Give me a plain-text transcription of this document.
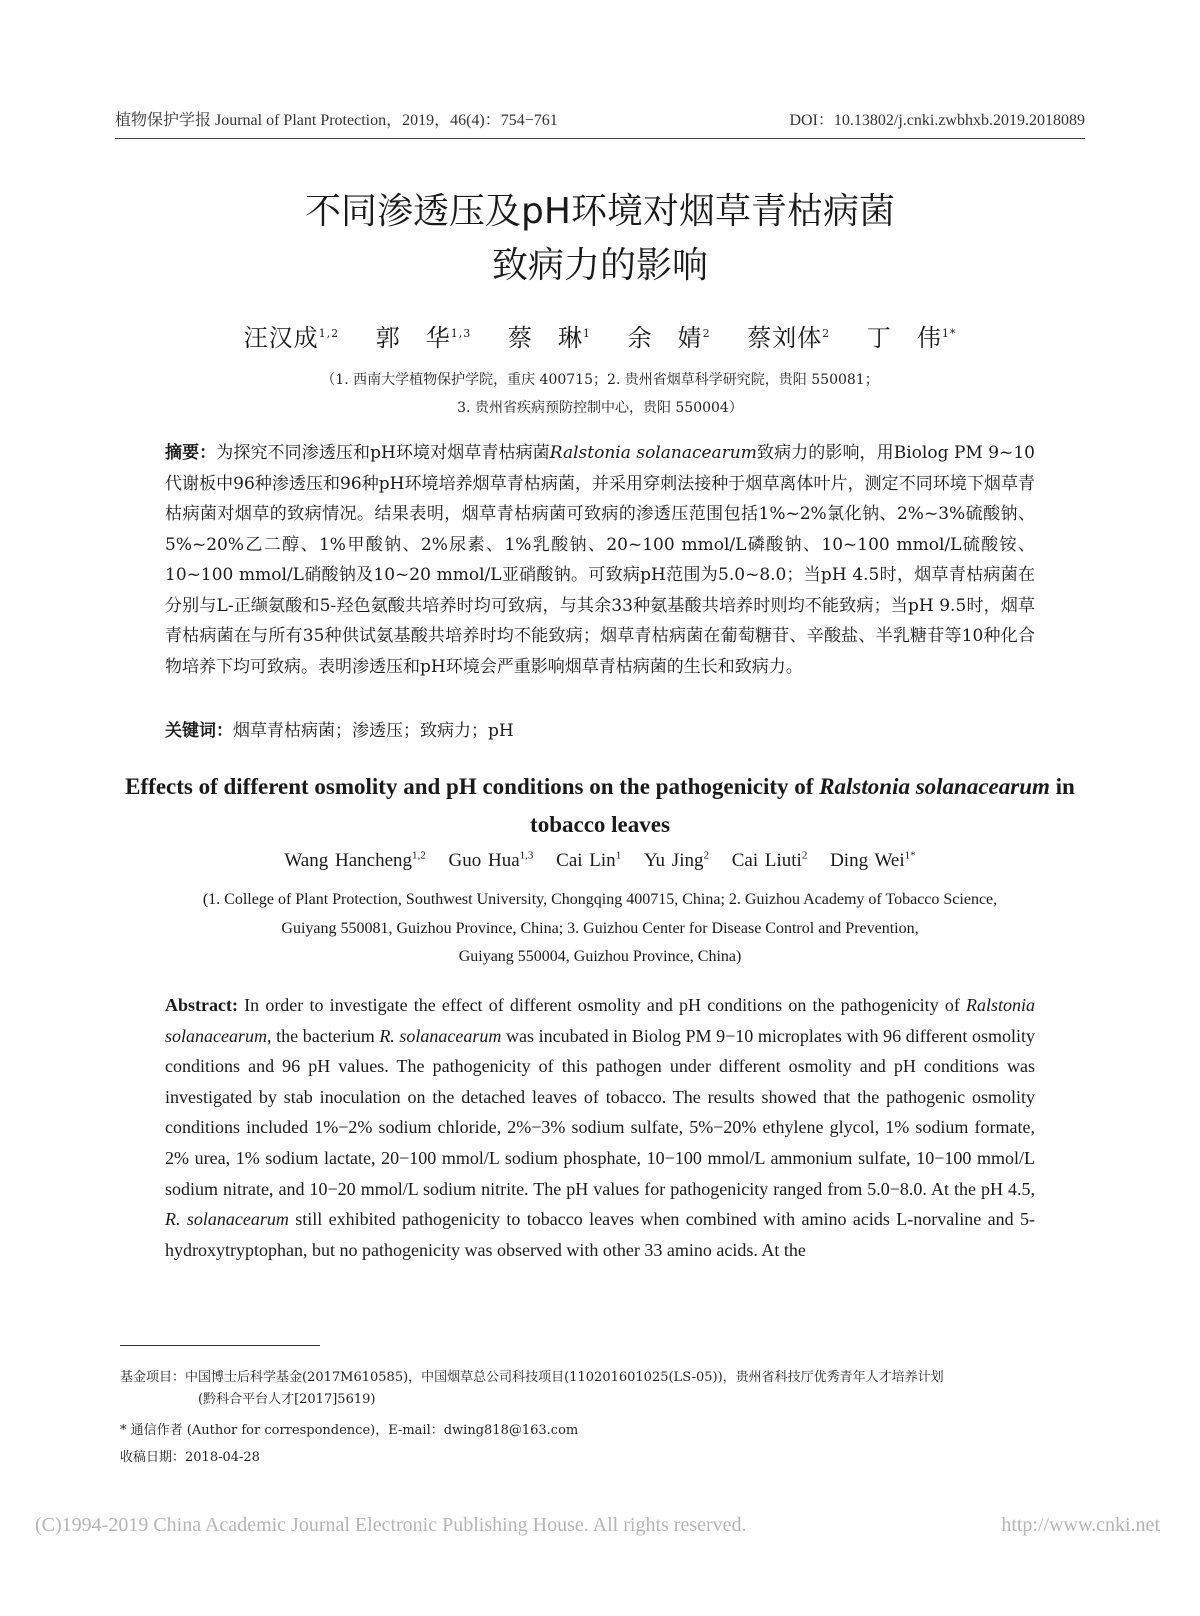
植物保护学报 Journal of Plant Protection，2019，46(4)：754−761	DOI：10.13802/j.cnki.zwbhxb.2019.2018089
不同渗透压及pH环境对烟草青枯病菌
致病力的影响
汪汉成$^{1,2}$ 郭　华$^{1,3}$ 蔡　琳$^1$ 余　婧$^2$ 蔡刘体$^2$ 丁　伟$^{1*}$
（1. 西南大学植物保护学院，重庆 400715；2. 贵州省烟草科学研究院，贵阳 550081；
3. 贵州省疾病预防控制中心，贵阳 550004）
摘要：为探究不同渗透压和pH环境对烟草青枯病菌Ralstonia solanacearum致病力的影响，用Biolog PM 9~10代谢板中96种渗透压和96种pH环境培养烟草青枯病菌，并采用穿刺法接种于烟草离体叶片，测定不同环境下烟草青枯病菌对烟草的致病情况。结果表明，烟草青枯病菌可致病的渗透压范围包括1%~2%氯化钠、2%~3%硫酸钠、5%~20%乙二醇、1%甲酸钠、2%尿素、1%乳酸钠、20~100 mmol/L磷酸钠、10~100 mmol/L硫酸铵、10~100 mmol/L硝酸钠及10~20 mmol/L亚硝酸钠。可致病pH范围为5.0~8.0；当pH 4.5时，烟草青枯病菌在分别与L-正缬氨酸和5-羟色氨酸共培养时均可致病，与其余33种氨基酸共培养时则均不能致病；当pH 9.5时，烟草青枯病菌在与所有35种供试氨基酸共培养时均不能致病；烟草青枯病菌在葡萄糖苷、辛酸盐、半乳糖苷等10种化合物培养下均可致病。表明渗透压和pH环境会严重影响烟草青枯病菌的生长和致病力。
关键词：烟草青枯病菌；渗透压；致病力；pH
Effects of different osmolity and pH conditions on the pathogenicity of Ralstonia solanacearum in tobacco leaves
Wang Hancheng$^{1,2}$ Guo Hua$^{1,3}$ Cai Lin$^1$ Yu Jing$^2$ Cai Liuti$^2$ Ding Wei$^{1*}$
(1. College of Plant Protection, Southwest University, Chongqing 400715, China; 2. Guizhou Academy of Tobacco Science,
Guiyang 550081, Guizhou Province, China; 3. Guizhou Center for Disease Control and Prevention,
Guiyang 550004, Guizhou Province, China)
Abstract: In order to investigate the effect of different osmolity and pH conditions on the pathogenicity of Ralstonia solanacearum, the bacterium R. solanacearum was incubated in Biolog PM 9−10 microplates with 96 different osmolity conditions and 96 pH values. The pathogenicity of this pathogen under different osmolity and pH conditions was investigated by stab inoculation on the detached leaves of tobacco. The results showed that the pathogenic osmolity conditions included 1%−2% sodium chloride, 2%−3% sodium sulfate, 5%−20% ethylene glycol, 1% sodium formate, 2% urea, 1% sodium lactate, 20−100 mmol/L sodium phosphate, 10−100 mmol/L ammonium sulfate, 10−100 mmol/L sodium nitrate, and 10−20 mmol/L sodium nitrite. The pH values for pathogenicity ranged from 5.0−8.0. At the pH 4.5, R. solanacearum still exhibited pathogenicity to tobacco leaves when combined with amino acids L-norvaline and 5-hydroxytryptophan, but no pathogenicity was observed with other 33 amino acids. At the
基金项目：中国博士后科学基金(2017M610585)，中国烟草总公司科技项目(110201601025(LS-05))，贵州省科技厅优秀青年人才培养计划
(黔科合平台人才[2017]5619)
* 通信作者 (Author for correspondence)，E-mail：dwing818@163.com
收稿日期：2018-04-28
(C)1994-2019 China Academic Journal Electronic Publishing House. All rights reserved.	http://www.cnki.net
